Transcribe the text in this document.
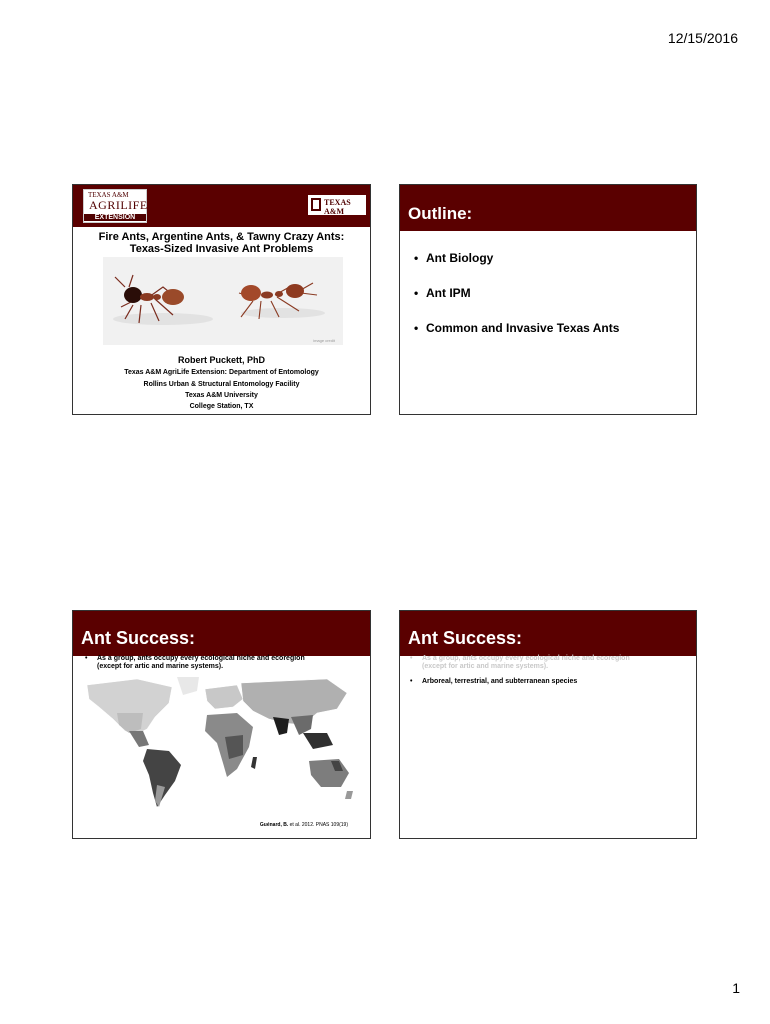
12/15/2016
TEXAS A&M
AGRILIFE
EXTENSION
TEXAS A&M
Fire Ants, Argentine Ants, & Tawny Crazy Ants:
Texas-Sized Invasive Ant Problems
image credit
Robert Puckett, PhD
Texas A&M AgriLife Extension: Department of Entomology
Rollins Urban & Structural Entomology Facility
Texas A&M University
College Station, TX
Outline:
• Ant Biology
• Ant IPM
• Common and Invasive Texas Ants
Ant Success:
• As a group, ants occupy every ecological niche and ecoregion
(except for artic and marine systems).
Guénard, B. et al. 2012. PNAS 109(19)
Ant Success:
• As a group, ants occupy every ecological niche and ecoregion
(except for artic and marine systems).
• Arboreal, terrestrial, and subterranean species
1
